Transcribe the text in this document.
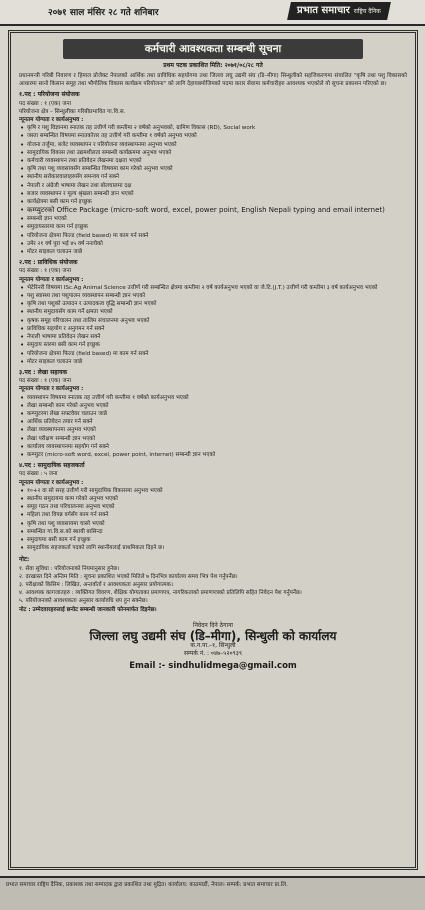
२०७१ साल मंसिर २८ गते शनिबार	प्रभात समाचार राष्ट्रिय दैनिक
कर्मचारी आवश्यकता सम्बन्धी सूचना
प्रथम पटक प्रकाशित मिति: २०७१/०८/२८ गते

प्रधानमन्त्री गरिबी निवारण र हिमाल प्रोजेक्ट नेपालको आर्थिक तथा प्राविधिक सहयोगमा तथा जिल्ला लघु उद्यमी संघ (डि–मीगा) सिन्धुलीको सहजिकरणमा संचालित "कृषि तथा पशु विकासको आधारमा सानो किसान समूह तथा भौगोलिक विकास कार्यक्रम परियोजना" को लागि देहायबमोजिमको पदमा करार सेवामा कर्मचारीहरु आवश्यक भएकोले यो सूचना प्रकाशन गरिएको छ।

१.पद : परियोजना संयोजक
पद संख्या : १ (एक) जना
परियोजना क्षेत्र – सिन्धुलीका गरिबीप्रभावित गा.वि.स.
न्यूनतम योग्यता र कार्यअनुभव :
• कृषि र पशु विज्ञानमा स्नातक तह उत्तीर्ण गरी कम्तीमा २ वर्षको अनुभवको, ग्रामिण विकास (RD), Social work
• जस्ता सम्बन्धित विषयमा स्नातकोत्तर तह उत्तीर्ण गरी कम्तीमा १ वर्षको अनुभव भएको
• योजना तर्जुमा, बजेट व्यवस्थापन र परियोजना व्यवस्थापनमा अनुभव भएको
• सामुदायिक विकास तथा उद्यमशीलता सम्बन्धी कार्यक्रममा अनुभव भएको
• कर्मचारी व्यवस्थापन तथा प्रतिवेदन लेखनमा दक्षता भएको
• कृषि तथा पशु व्यवसायसँग सम्बन्धित विषयमा काम गरेको अनुभव भएको
• स्थानीय सरोकारवालाहरुसँग समन्वय गर्न सक्ने
• नेपाली र अंग्रेजी भाषामा लेखन तथा बोलचालमा दक्ष
• बजार व्यवस्थापन र मूल्य श्रृंखला सम्बन्धी ज्ञान भएको
• कार्यक्षेत्रमा बसी काम गर्न इच्छुक
• कम्प्युटरको Office Package (micro-soft word, excel, power point, English Nepali typing and email internet)
• सम्बन्धी ज्ञान भएको
• समुदायस्तरमा काम गर्न इच्छुक
• परियोजना क्षेत्रमा फिल्ड (field based) मा काम गर्न सक्ने
• उमेर २१ वर्ष पुरा भई ४५ वर्ष ननाघेको
• मोटर साइकल चलाउन जान्ने
२.पद : प्राविधिक संयोजक
पद संख्या : १ (एक) जना
न्यूनतम योग्यता र कार्यअनुभव :
• भेटेरिनरी विषयमा ISc.Ag Animal Science उत्तीर्ण गरी सम्बन्धित क्षेत्रमा कम्तीमा २ वर्ष कार्यअनुभव भएको वा जे.टि.(J.T.) उत्तीर्ण गरी कम्तीमा ३ वर्ष कार्यअनुभव भएको
• पशु स्वास्थ्य तथा पशुपालन व्यवस्थापन सम्बन्धी ज्ञान भएको
• कृषि तथा पशुको उत्पादन र उत्पादकत्व वृद्धि सम्बन्धी ज्ञान भएको
• स्थानीय समुदायसँग काम गर्ने क्षमता भएको
• कृषक समूह परिचालन तथा तालिम संचालनमा अनुभव भएको
• प्राविधिक सहयोग र अनुगमन गर्न सक्ने
• नेपाली भाषामा प्रतिवेदन लेखन सक्ने
• समुदाय स्तरमा बसी काम गर्न इच्छुक
• परियोजना क्षेत्रमा फिल्ड (field based) मा काम गर्न सक्ने
• मोटर साइकल चलाउन जान्ने
३.पद : लेखा सहायक
पद संख्या : १ (एक) जना
न्यूनतम योग्यता र कार्यअनुभव :
• व्यवस्थापन विषयमा स्नातक तह उत्तीर्ण गरी कम्तीमा १ वर्षको कार्यअनुभव भएको
• लेखा सम्बन्धी काम गरेको अनुभव भएको
• कम्प्युटरमा लेखा सफ्टवेयर चलाउन जान्ने
• आर्थिक प्रतिवेदन तयार गर्न सक्ने
• लेखा व्यवस्थापनमा अनुभव भएको
• लेखा परीक्षण सम्बन्धी ज्ञान भएको
• कार्यालय व्यवस्थापनमा सहयोग गर्न सक्ने
• कम्प्युटर (micro-soft word, excel, power point, internet) सम्बन्धी ज्ञान भएको
४.पद : सामुदायिक सहजकर्ता
पद संख्या : ५ जना
न्यूनतम योग्यता र कार्यअनुभव :
• १०+२ वा सो सरह उत्तीर्ण गरी सामुदायिक विकासमा अनुभव भएको
• स्थानीय समुदायमा काम गरेको अनुभव भएको
• समूह गठन तथा परिचालनमा अनुभव भएको
• महिला तथा विपन्न वर्गसँग काम गर्न सक्ने
• कृषि तथा पशु व्यवसायमा चासो भएको
• सम्बन्धित गा.वि.स.को स्थायी बासिन्दा
• समुदायमा बसी काम गर्न इच्छुक
• सामुदायिक सहजकर्ता पदको लागि स्थानीयलाई प्राथमिकता दिइने छ।
नोट:
१. सेवा सुविधा : परियोजनाको नियमानुसार हुनेछ।
२. दरखास्त दिने अन्तिम मिति : सूचना प्रकाशित भएको मितिले ७ दिनभित्र कार्यालय समय भित्र पेश गर्नुपर्नेछ।
३. परीक्षाको किसिम : लिखित, अन्तर्वार्ता र आवश्यकता अनुसार प्रयोगात्मक।
४. आवश्यक कागजातहरु : व्यक्तिगत विवरण, शैक्षिक योग्यताका प्रमाणपत्र, नागरिकताको प्रमाणपत्रको प्रतिलिपि सहित निवेदन पेश गर्नुपर्नेछ।
५. परियोजनाको आवश्यकता अनुसार कार्यावधि थप हुन सक्नेछ।
नोट : उम्मेदवारहरुलाई छनोट सम्बन्धी जानकारी फोनमार्फत दिइनेछ।
निवेदन दिने ठेगाना
जिल्ला लघु उद्यमी संघ (डि–मीगा), सिन्धुली को कार्यालय
क.न.पा.–१, सिन्धुली
सम्पर्क नं. : ०४७–५२०९३९
Email :- sindhulidmega@gmail.com
प्रभात समाचार राष्ट्रिय दैनिक, प्रकाशक तथा सम्पादक द्वारा प्रकाशित तथा मुद्रित। कार्यालय: काठमाडौं, नेपाल। सम्पर्क: प्रभात समाचार प्रा.लि.
